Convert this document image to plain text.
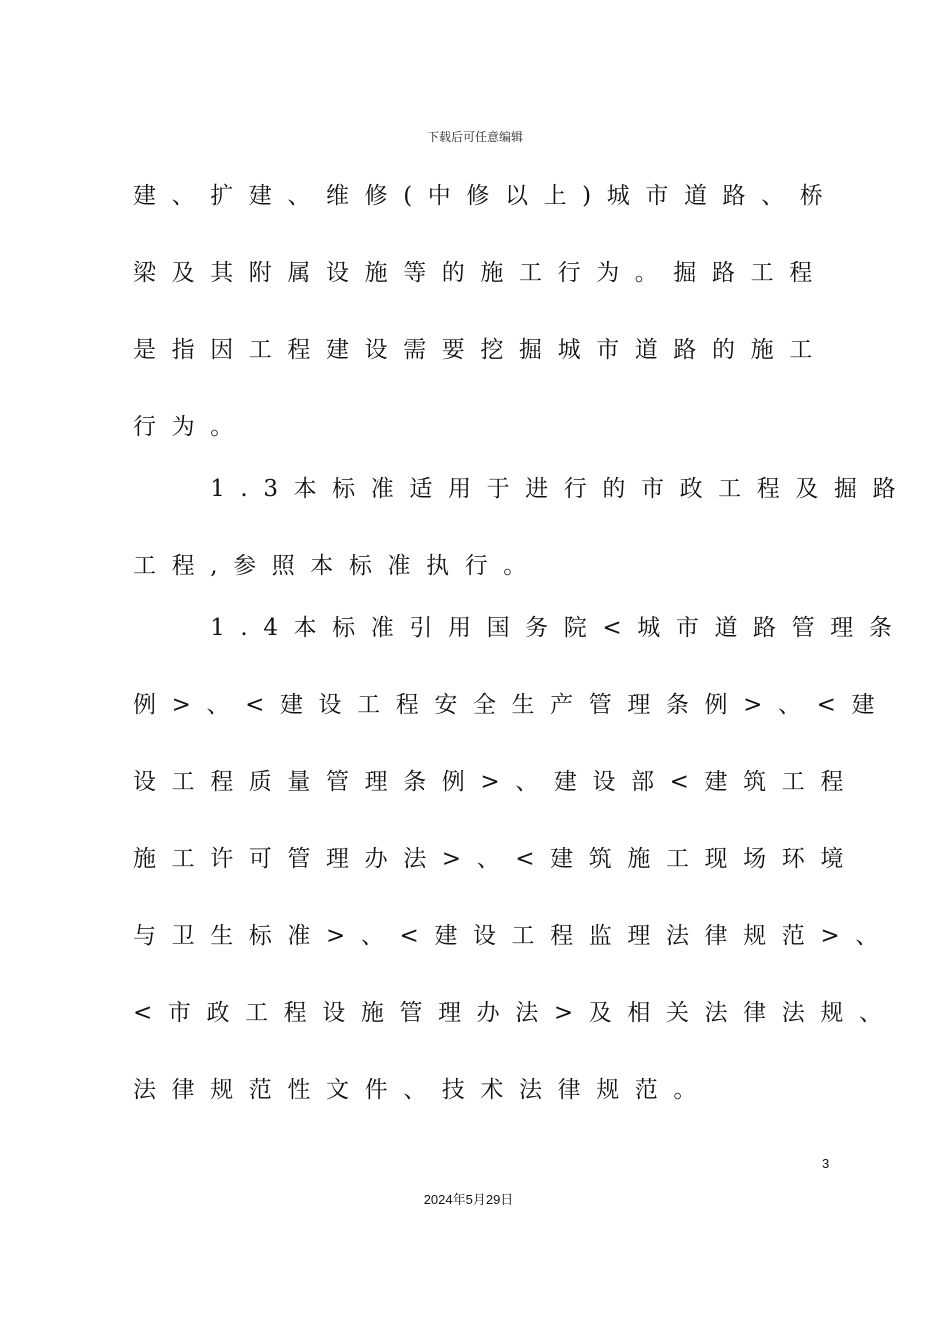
下载后可任意编辑
建、扩建、维修(中修以上)城市道路、桥
梁及其附属设施等的施工行为。掘路工程
是指因工程建设需要挖掘城市道路的施工
行为。
　　1.3本标准适用于进行的市政工程及掘路
工程,参照本标准执行。
　　1.4本标准引用国务院<城市道路管理条
例>、<建设工程安全生产管理条例>、<建
设工程质量管理条例>、建设部<建筑工程
施工许可管理办法>、<建筑施工现场环境
与卫生标准>、<建设工程监理法律规范>、
<市政工程设施管理办法>及相关法律法规、
法律规范性文件、技术法律规范。
3
2024年5月29日
